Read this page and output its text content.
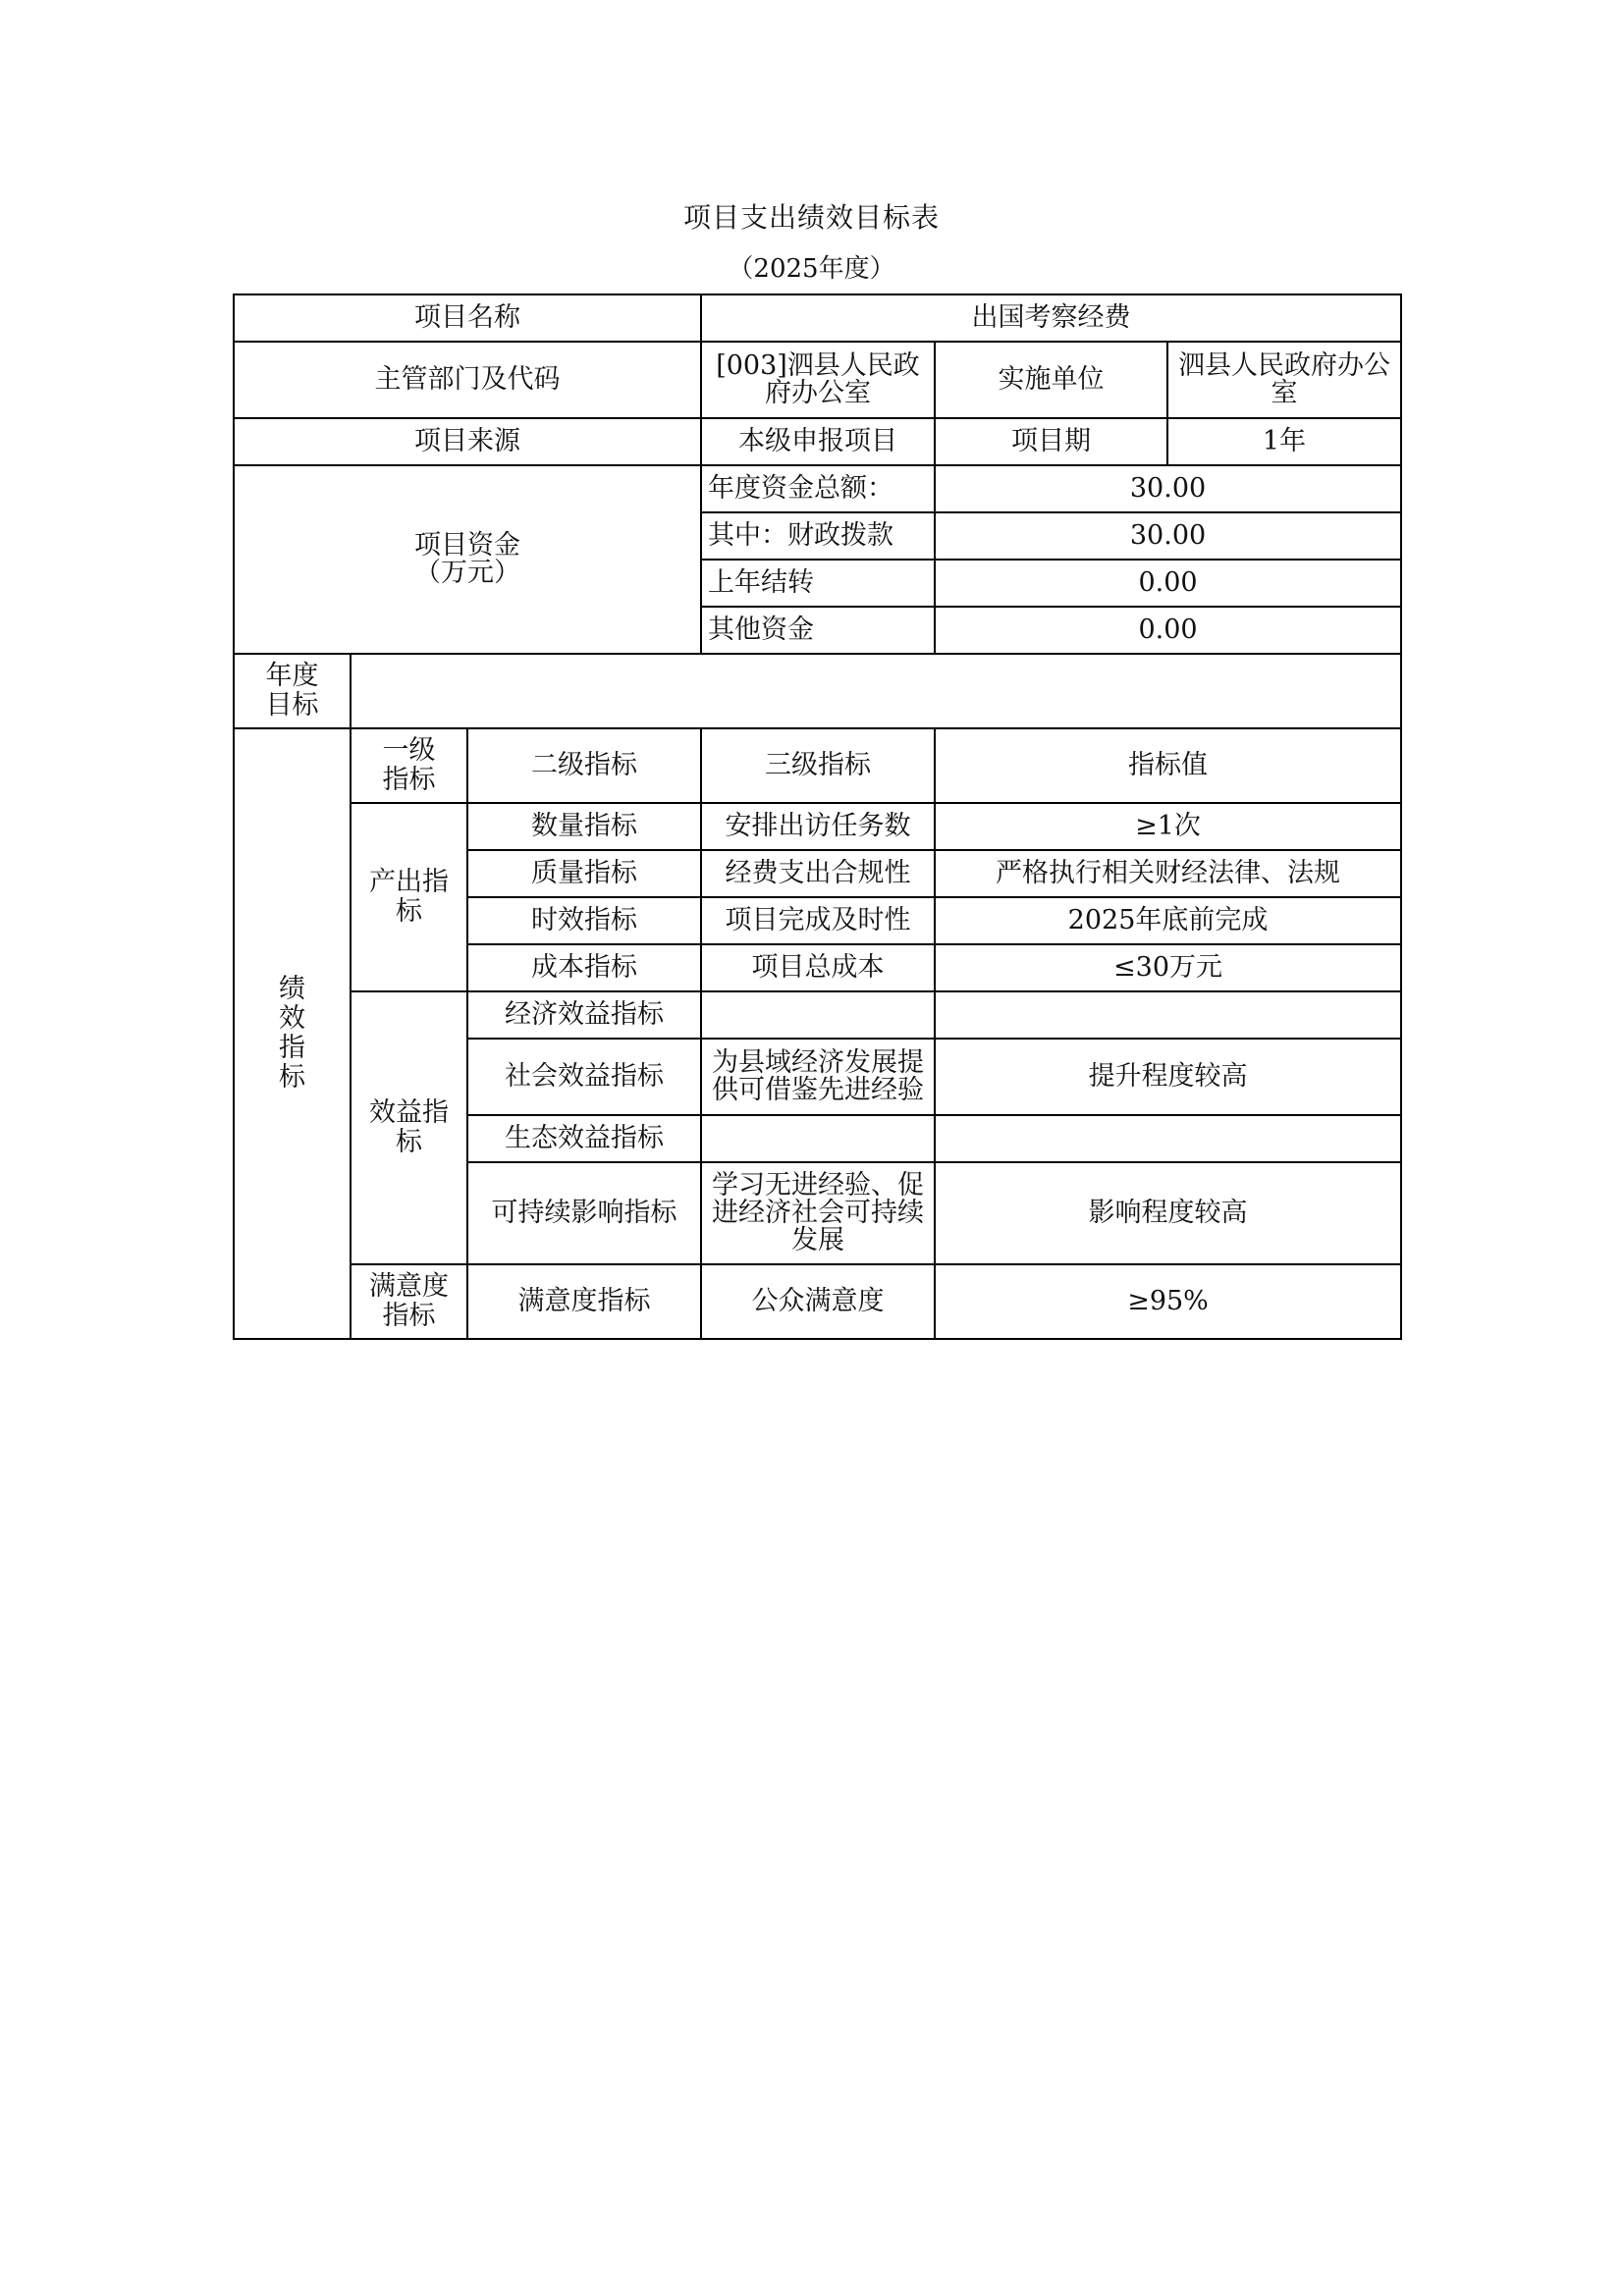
项目支出绩效目标表
（2025年度）
项目名称			出国考察经费		
主管部门及代码			[003]泗县人民政府办公室	实施单位	泗县人民政府办公室
项目来源			本级申报项目	项目期	1年

项目资金
（万元）			年度资金总额：	30.00	
			其中：财政拨款	30.00	
			上年结转	0.00	
			其他资金	0.00	
年度目标					
绩效指标	一级指标	二级指标	三级指标	指标值	
	产出指标	数量指标	安排出访任务数	≥1次	
		质量指标	经费支出合规性	严格执行相关财经法律、法规	
		时效指标	项目完成及时性	2025年底前完成	
		成本指标	项目总成本	≤30万元	
	效益指标	经济效益指标			
		社会效益指标	为县域经济发展提供可借鉴先进经验	提升程度较高	
		生态效益指标			
		可持续影响指标	学习无进经验、促进经济社会可持续发展	影响程度较高	
	满意度指标	满意度指标	公众满意度	≥95%	
